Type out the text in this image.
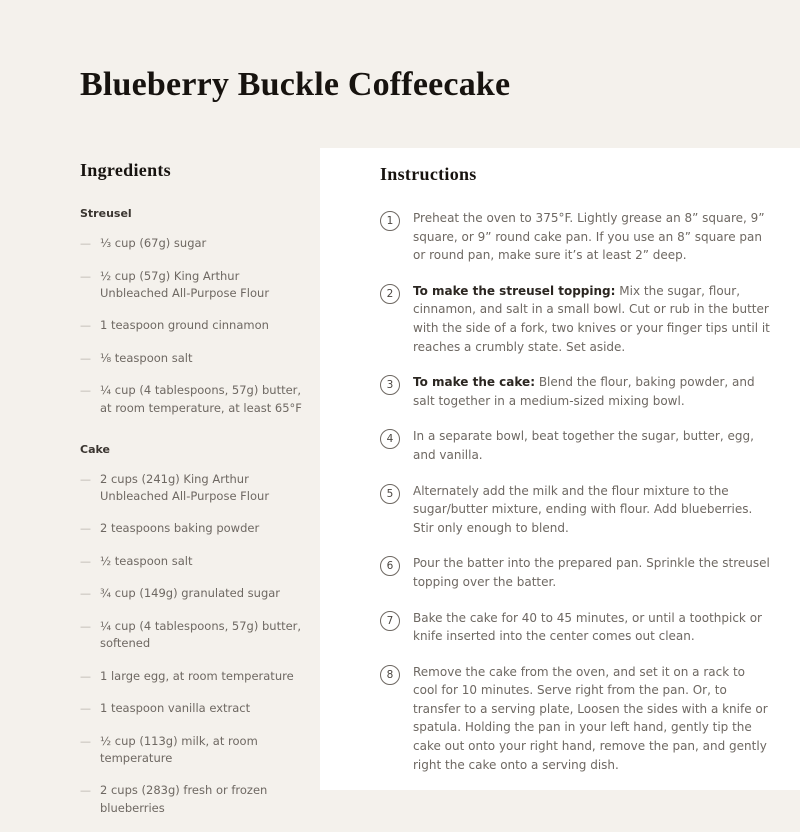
Blueberry Buckle Coffeecake
Ingredients
Streusel
— ⅓ cup (67g) sugar
— ½ cup (57g) King Arthur Unbleached All-Purpose Flour
— 1 teaspoon ground cinnamon
— ⅛ teaspoon salt
— ¼ cup (4 tablespoons, 57g) butter, at room temperature, at least 65°F
Cake
— 2 cups (241g) King Arthur Unbleached All-Purpose Flour
— 2 teaspoons baking powder
— ½ teaspoon salt
— ¾ cup (149g) granulated sugar
— ¼ cup (4 tablespoons, 57g) butter, softened
— 1 large egg, at room temperature
— 1 teaspoon vanilla extract
— ½ cup (113g) milk, at room temperature
— 2 cups (283g) fresh or frozen blueberries
Instructions
1	Preheat the oven to 375°F. Lightly grease an 8” square, 9” square, or 9” round cake pan. If you use an 8” square pan or round pan, make sure it’s at least 2” deep.

2	To make the streusel topping: Mix the sugar, flour, cinnamon, and salt in a small bowl. Cut or rub in the butter with the side of a fork, two knives or your finger tips until it reaches a crumbly state. Set aside.

3	To make the cake: Blend the flour, baking powder, and salt together in a medium-sized mixing bowl.

4	In a separate bowl, beat together the sugar, butter, egg, and vanilla.

5	Alternately add the milk and the flour mixture to the sugar/butter mixture, ending with flour. Add blueberries. Stir only enough to blend.

6	Pour the batter into the prepared pan. Sprinkle the streusel topping over the batter.

7	Bake the cake for 40 to 45 minutes, or until a toothpick or knife inserted into the center comes out clean.

8	Remove the cake from the oven, and set it on a rack to cool for 10 minutes. Serve right from the pan. Or, to transfer to a serving plate, Loosen the sides with a knife or spatula. Holding the pan in your left hand, gently tip the cake out onto your right hand, remove the pan, and gently right the cake onto a serving dish.
